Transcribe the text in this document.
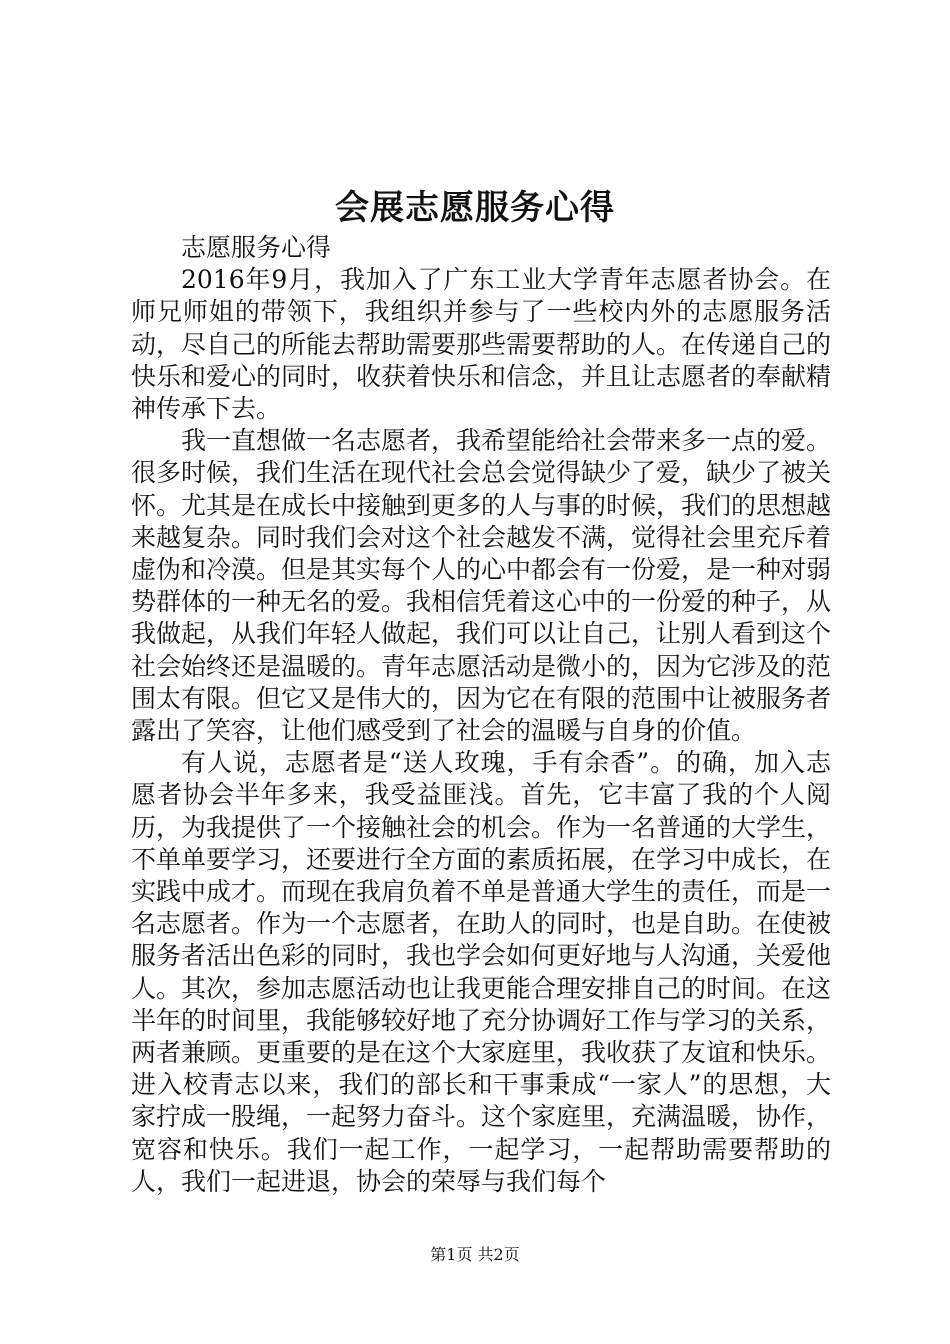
会展志愿服务心得

志愿服务心得

2016年9月，我加入了广东工业大学青年志愿者协会。在师兄师姐的带领下，我组织并参与了一些校内外的志愿服务活动，尽自己的所能去帮助需要那些需要帮助的人。在传递自己的快乐和爱心的同时，收获着快乐和信念，并且让志愿者的奉献精神传承下去。

我一直想做一名志愿者，我希望能给社会带来多一点的爱。很多时候，我们生活在现代社会总会觉得缺少了爱，缺少了被关怀。尤其是在成长中接触到更多的人与事的时候，我们的思想越来越复杂。同时我们会对这个社会越发不满，觉得社会里充斥着虚伪和冷漠。但是其实每个人的心中都会有一份爱，是一种对弱势群体的一种无名的爱。我相信凭着这心中的一份爱的种子，从我做起，从我们年轻人做起，我们可以让自己，让别人看到这个社会始终还是温暖的。青年志愿活动是微小的，因为它涉及的范围太有限。但它又是伟大的，因为它在有限的范围中让被服务者露出了笑容，让他们感受到了社会的温暖与自身的价值。

有人说，志愿者是“送人玫瑰，手有余香”。的确，加入志愿者协会半年多来，我受益匪浅。首先，它丰富了我的个人阅历，为我提供了一个接触社会的机会。作为一名普通的大学生，不单单要学习，还要进行全方面的素质拓展，在学习中成长，在实践中成才。而现在我肩负着不单是普通大学生的责任，而是一名志愿者。作为一个志愿者，在助人的同时，也是自助。在使被服务者活出色彩的同时，我也学会如何更好地与人沟通，关爱他人。其次，参加志愿活动也让我更能合理安排自己的时间。在这半年的时间里，我能够较好地了充分协调好工作与学习的关系，两者兼顾。更重要的是在这个大家庭里，我收获了友谊和快乐。进入校青志以来，我们的部长和干事秉成“一家人”的思想，大家拧成一股绳，一起努力奋斗。这个家庭里，充满温暖，协作，宽容和快乐。我们一起工作，一起学习，一起帮助需要帮助的人，我们一起进退，协会的荣辱与我们每个

第1页 共2页
